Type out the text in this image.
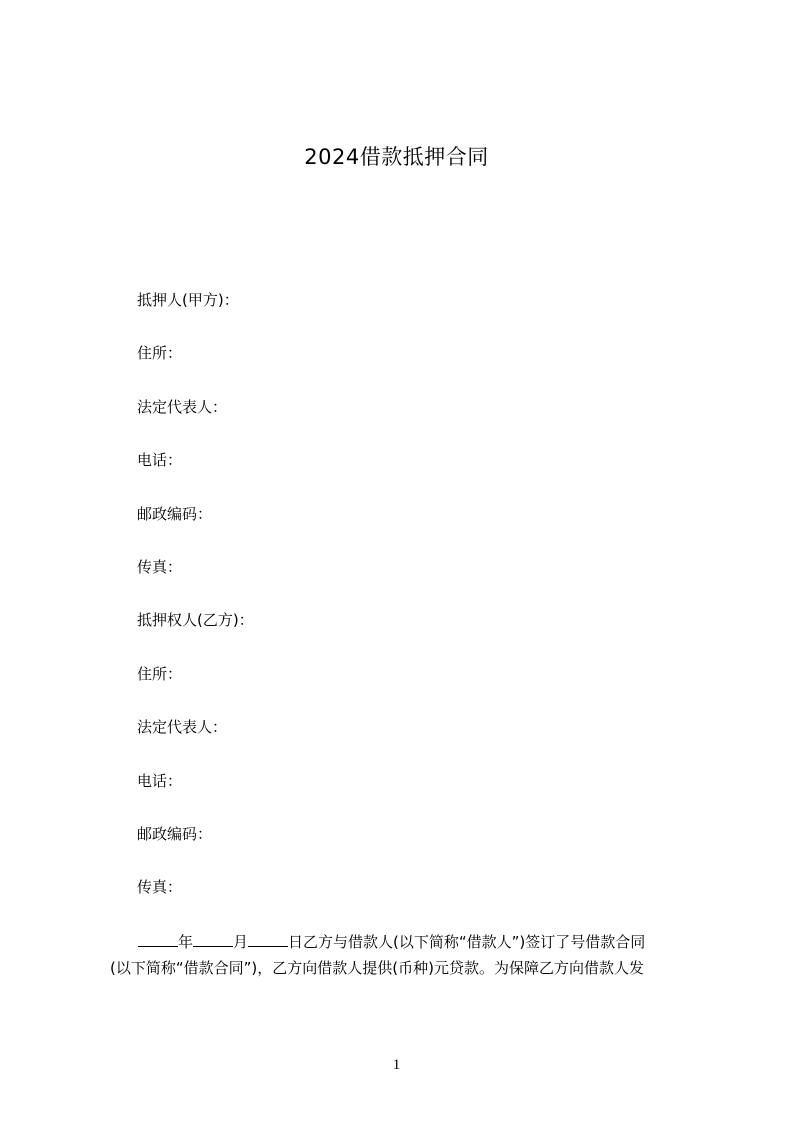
2024借款抵押合同
抵押人(甲方)：
住所：
法定代表人：
电话：
邮政编码：
传真：
抵押权人(乙方)：
住所：
法定代表人：
电话：
邮政编码：
传真：

年	月	日乙方与借款人(以下简称“借款人”)签订了号借款合同
(以下简称“借款合同”)，乙方向借款人提供(币种)元贷款。为保障乙方向借款人发

1
